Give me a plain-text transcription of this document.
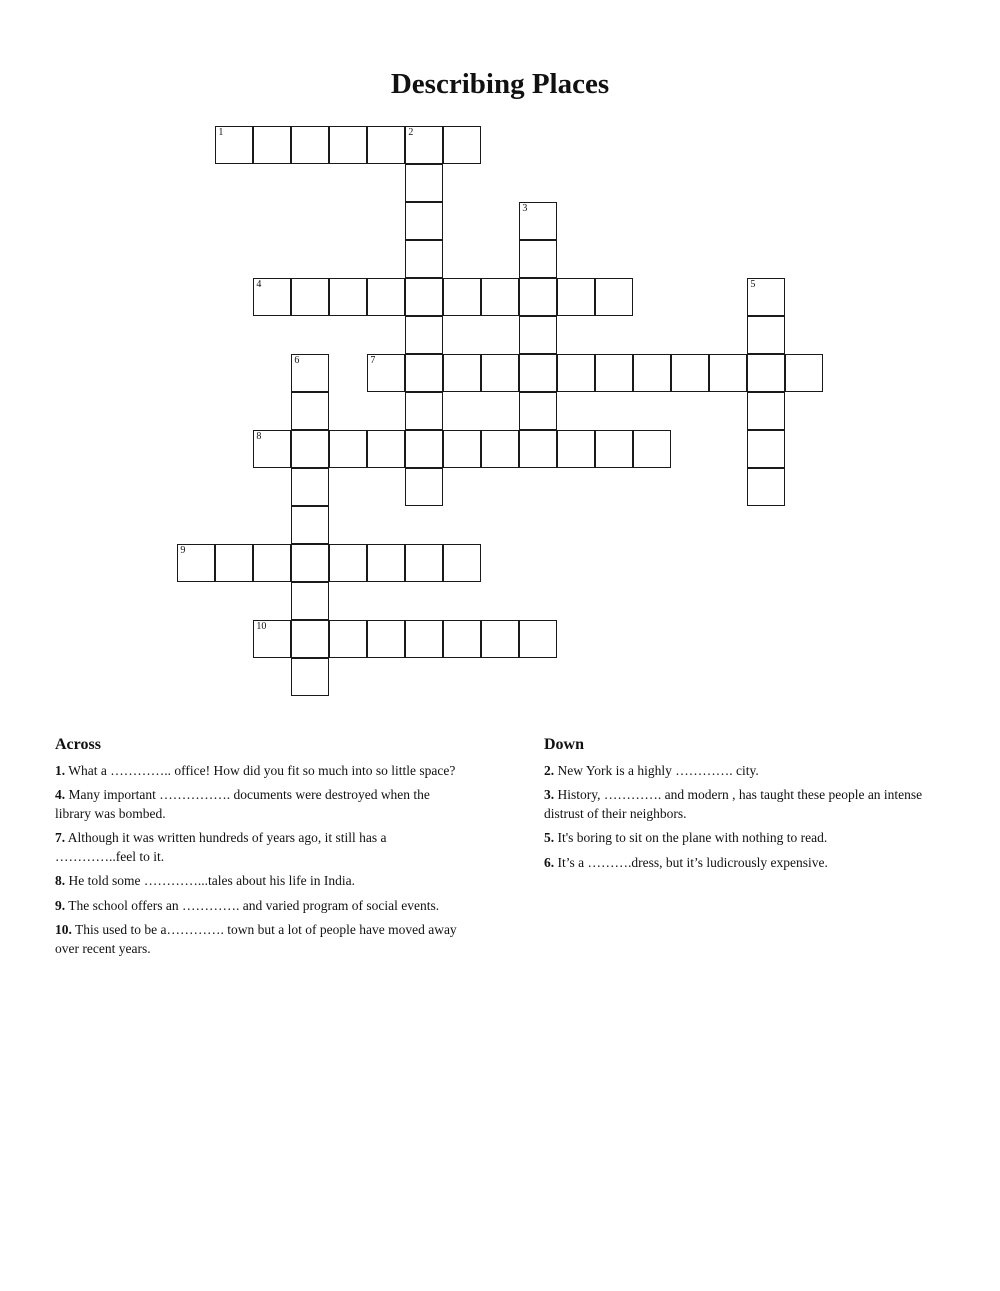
Describing Places
1	2
3
4	5
6	7
8
9
10
Across
1. What a ………….. office! How did you fit so much into so little space?
4. Many important ……………. documents were destroyed when the library was bombed.
7. Although it was written hundreds of years ago, it still has a …………..feel to it.
8. He told some …………...tales about his life in India.
9. The school offers an …………. and varied program of social events.
10. This used to be a…………. town but a lot of people have moved away over recent years.
Down
2. New York is a highly …………. city.
3. History, …………. and modern , has taught these people an intense distrust of their neighbors.
5. It's boring to sit on the plane with nothing to read.
6. It’s a ……….dress, but it’s ludicrously expensive.
